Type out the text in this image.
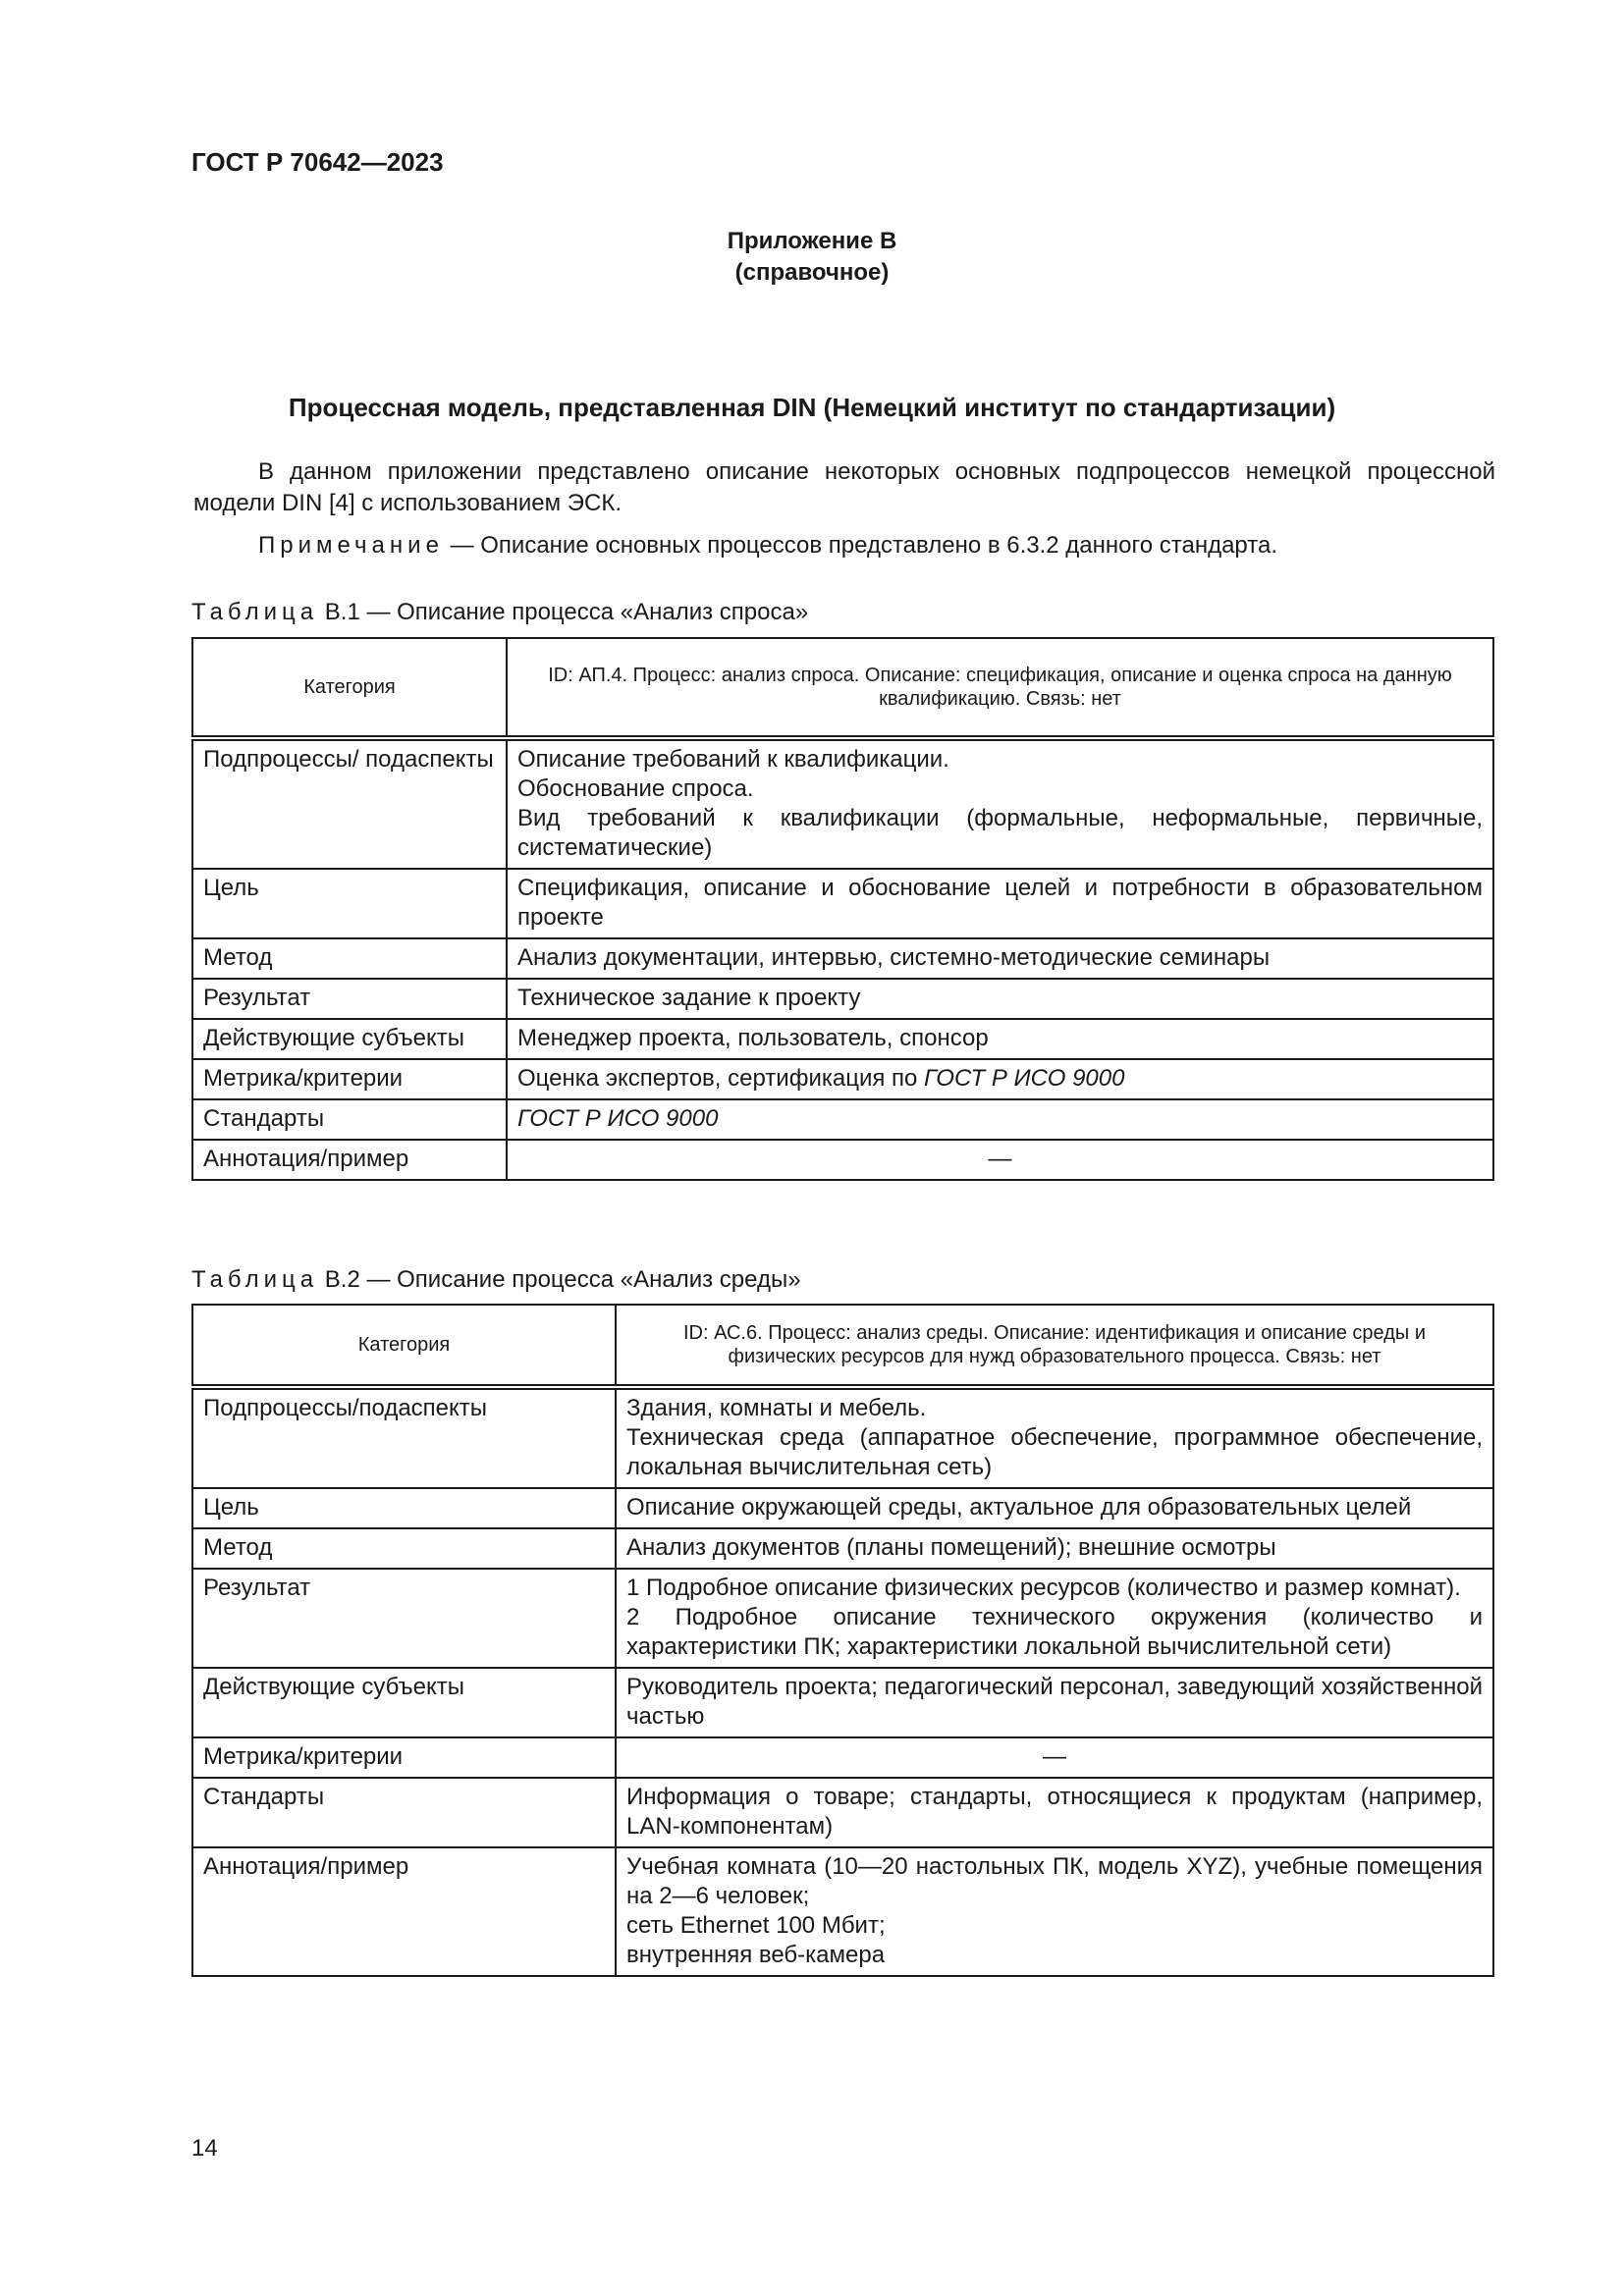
ГОСТ Р 70642—2023
Приложение В
(справочное)
Процессная модель, представленная DIN (Немецкий институт по стандартизации)
В данном приложении представлено описание некоторых основных подпроцессов немецкой процессной модели DIN [4] с использованием ЭСК.
Примечание — Описание основных процессов представлено в 6.3.2 данного стандарта.
Таблица В.1 — Описание процесса «Анализ спроса»
Категория	ID: АП.4. Процесс: анализ спроса. Описание: спецификация, описание и оценка спроса на данную квалификацию. Связь: нет
Подпроцессы/ подаспекты	Описание требований к квалификации.
Обоснование спроса.
Вид требований к квалификации (формальные, неформальные, первичные, систематические)

Цель	Спецификация, описание и обоснование целей и потребности в образовательном проекте
Метод	Анализ документации, интервью, системно-методические семинары
Результат	Техническое задание к проекту
Действующие субъекты	Менеджер проекта, пользователь, спонсор
Метрика/критерии	Оценка экспертов, сертификация по ГОСТ Р ИСО 9000
Стандарты	ГОСТ Р ИСО 9000
Аннотация/пример	—
Таблица В.2 — Описание процесса «Анализ среды»
Категория	ID: АС.6. Процесс: анализ среды. Описание: идентификация и описание среды и физических ресурсов для нужд образовательного процесса. Связь: нет
Подпроцессы/подаспекты	Здания, комнаты и мебель.
Техническая среда (аппаратное обеспечение, программное обеспечение, локальная вычислительная сеть)

Цель	Описание окружающей среды, актуальное для образовательных целей
Метод	Анализ документов (планы помещений); внешние осмотры
Результат	1 Подробное описание физических ресурсов (количество и размер комнат).
2 Подробное описание технического окружения (количество и характеристики ПК; характеристики локальной вычислительной сети)

Действующие субъекты	Руководитель проекта; педагогический персонал, заведующий хозяйственной частью
Метрика/критерии	—
Стандарты	Информация о товаре; стандарты, относящиеся к продуктам (например, LAN-компонентам)
Аннотация/пример	Учебная комната (10—20 настольных ПК, модель XYZ), учебные помещения на 2—6 человек;
сеть Ethernet 100 Мбит;
внутренняя веб-камера
14
